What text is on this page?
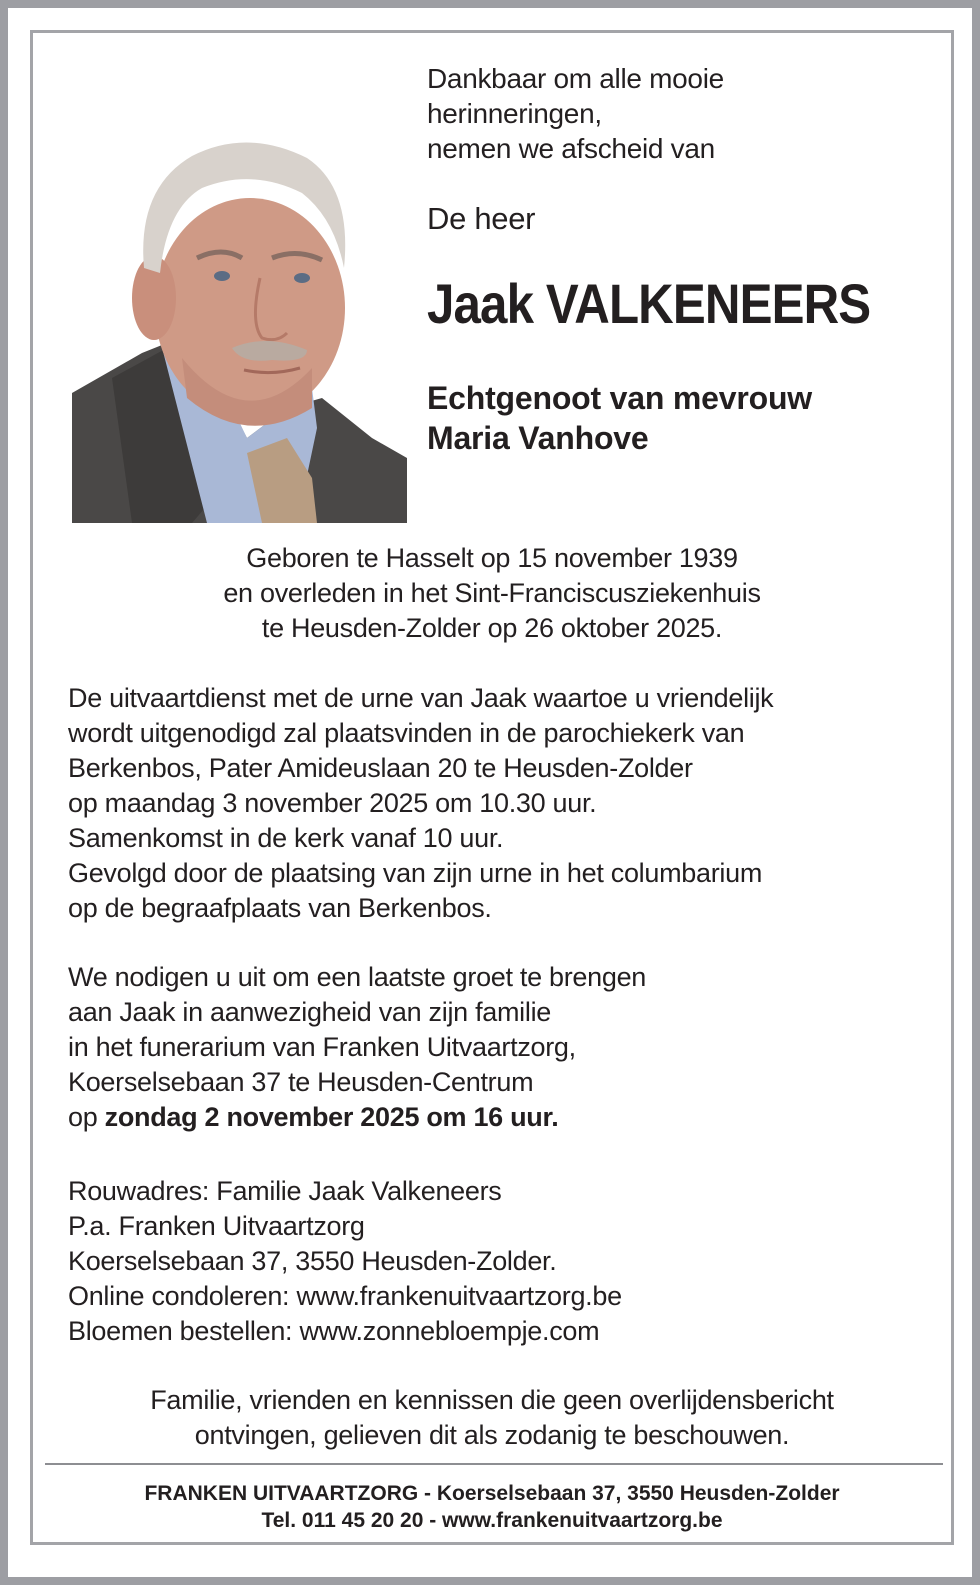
Dankbaar om alle mooie
herinneringen,
nemen we afscheid van
De heer
Jaak VALKENEERS
Echtgenoot van mevrouw
Maria Vanhove
Geboren te Hasselt op 15 november 1939
en overleden in het Sint-Franciscusziekenhuis
te Heusden-Zolder op 26 oktober 2025.
De uitvaartdienst met de urne van Jaak waartoe u vriendelijk
wordt uitgenodigd zal plaatsvinden in de parochiekerk van
Berkenbos, Pater Amideuslaan 20 te Heusden-Zolder
op maandag 3 november 2025 om 10.30 uur.
Samenkomst in de kerk vanaf 10 uur.
Gevolgd door de plaatsing van zijn urne in het columbarium
op de begraafplaats van Berkenbos.
We nodigen u uit om een laatste groet te brengen
aan Jaak in aanwezigheid van zijn familie
in het funerarium van Franken Uitvaartzorg,
Koerselsebaan 37 te Heusden-Centrum
op zondag 2 november 2025 om 16 uur.
Rouwadres: Familie Jaak Valkeneers
P.a. Franken Uitvaartzorg
Koerselsebaan 37, 3550 Heusden-Zolder.
Online condoleren: www.frankenuitvaartzorg.be
Bloemen bestellen: www.zonnebloempje.com
Familie, vrienden en kennissen die geen overlijdensbericht
ontvingen, gelieven dit als zodanig te beschouwen.
FRANKEN UITVAARTZORG - Koerselsebaan 37, 3550 Heusden-Zolder
Tel. 011 45 20 20 - www.frankenuitvaartzorg.be
